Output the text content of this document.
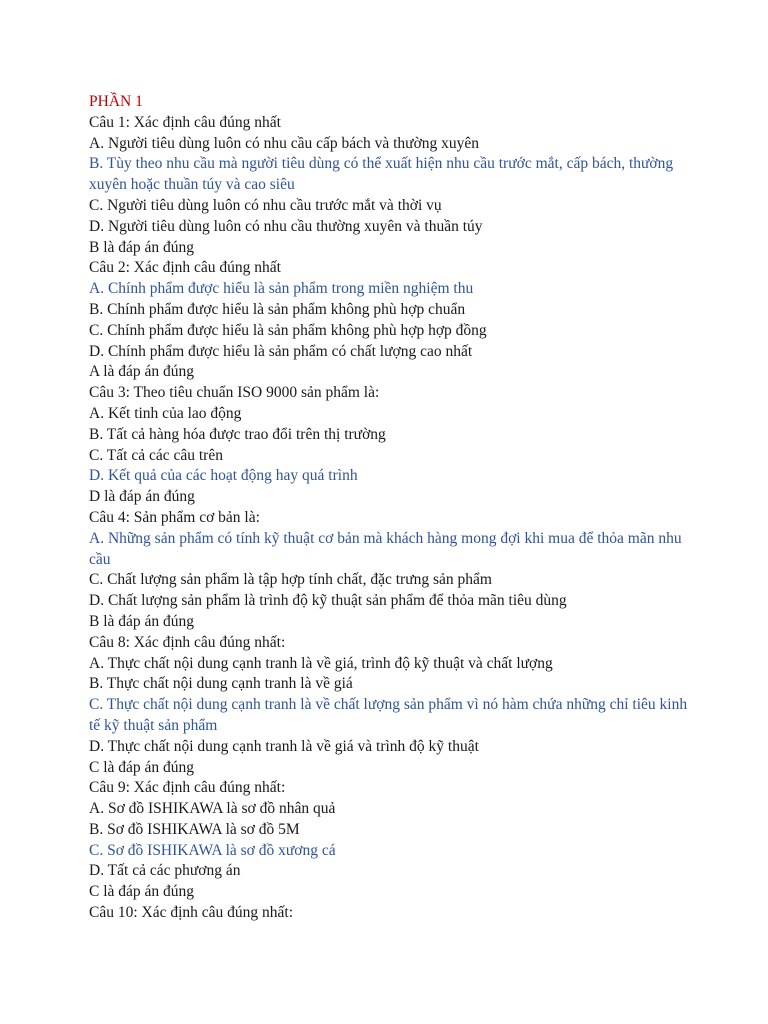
PHẦN 1
Câu 1: Xác định câu đúng nhất
A. Người tiêu dùng luôn có nhu cầu cấp bách và thường xuyên
B. Tùy theo nhu cầu mà người tiêu dùng có thể xuất hiện nhu cầu trước mắt, cấp bách, thường xuyên hoặc thuần túy và cao siêu
C. Người tiêu dùng luôn có nhu cầu trước mắt và thời vụ
D. Người tiêu dùng luôn có nhu cầu thường xuyên và thuần túy
B là đáp án đúng
Câu 2: Xác định câu đúng nhất
A. Chính phẩm được hiểu là sản phẩm trong miền nghiệm thu
B. Chính phẩm được hiểu là sản phẩm không phù hợp chuẩn
C. Chính phẩm được hiểu là sản phẩm không phù hợp hợp đồng
D. Chính phẩm được hiểu là sản phẩm có chất lượng cao nhất
A là đáp án đúng
Câu 3: Theo tiêu chuẩn ISO 9000 sản phẩm là:
A. Kết tinh của lao động
B. Tất cả hàng hóa được trao đổi trên thị trường
C. Tất cả các câu trên
D. Kết quả của các hoạt động hay quá trình
D là đáp án đúng
Câu 4: Sản phẩm cơ bản là:
A. Những sản phẩm có tính kỹ thuật cơ bản mà khách hàng mong đợi khi mua để thỏa mãn nhu cầu
C. Chất lượng sản phẩm là tập hợp tính chất, đặc trưng sản phẩm
D. Chất lượng sản phẩm là trình độ kỹ thuật sản phẩm để thỏa mãn tiêu dùng
B là đáp án đúng
Câu 8: Xác định câu đúng nhất:
A. Thực chất nội dung cạnh tranh là về giá, trình độ kỹ thuật và chất lượng
B. Thực chất nội dung cạnh tranh là về giá
C. Thực chất nội dung cạnh tranh là về chất lượng sản phẩm vì nó hàm chứa những chỉ tiêu kinh tế kỹ thuật sản phẩm
D. Thực chất nội dung cạnh tranh là về giá và trình độ kỹ thuật
C là đáp án đúng
Câu 9: Xác định câu đúng nhất:
A. Sơ đồ ISHIKAWA là sơ đồ nhân quả
B. Sơ đồ ISHIKAWA là sơ đồ 5M
C. Sơ đồ ISHIKAWA là sơ đồ xương cá
D. Tất cả các phương án
C là đáp án đúng
Câu 10: Xác định câu đúng nhất:
